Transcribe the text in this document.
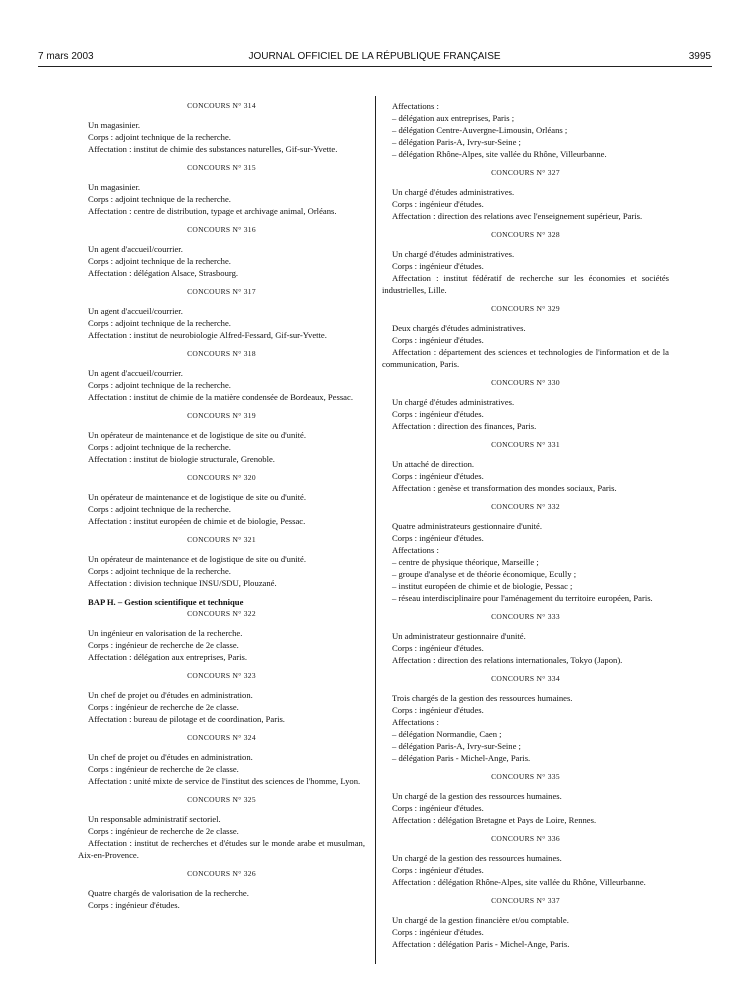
7 mars 2003	JOURNAL OFFICIEL DE LA RÉPUBLIQUE FRANÇAISE	3995
CONCOURS N° 314
Un magasinier.
Corps : adjoint technique de la recherche.
Affectation : institut de chimie des substances naturelles, Gif-sur-Yvette.
CONCOURS N° 315
Un magasinier.
Corps : adjoint technique de la recherche.
Affectation : centre de distribution, typage et archivage animal, Orléans.
CONCOURS N° 316
Un agent d'accueil/courrier.
Corps : adjoint technique de la recherche.
Affectation : délégation Alsace, Strasbourg.
CONCOURS N° 317
Un agent d'accueil/courrier.
Corps : adjoint technique de la recherche.
Affectation : institut de neurobiologie Alfred-Fessard, Gif-sur-Yvette.
CONCOURS N° 318
Un agent d'accueil/courrier.
Corps : adjoint technique de la recherche.
Affectation : institut de chimie de la matière condensée de Bordeaux, Pessac.
CONCOURS N° 319
Un opérateur de maintenance et de logistique de site ou d'unité.
Corps : adjoint technique de la recherche.
Affectation : institut de biologie structurale, Grenoble.
CONCOURS N° 320
Un opérateur de maintenance et de logistique de site ou d'unité.
Corps : adjoint technique de la recherche.
Affectation : institut européen de chimie et de biologie, Pessac.
CONCOURS N° 321
Un opérateur de maintenance et de logistique de site ou d'unité.
Corps : adjoint technique de la recherche.
Affectation : division technique INSU/SDU, Plouzané.
BAP H. – Gestion scientifique et technique
CONCOURS N° 322
Un ingénieur en valorisation de la recherche.
Corps : ingénieur de recherche de 2e classe.
Affectation : délégation aux entreprises, Paris.
CONCOURS N° 323
Un chef de projet ou d'études en administration.
Corps : ingénieur de recherche de 2e classe.
Affectation : bureau de pilotage et de coordination, Paris.
CONCOURS N° 324
Un chef de projet ou d'études en administration.
Corps : ingénieur de recherche de 2e classe.
Affectation : unité mixte de service de l'institut des sciences de l'homme, Lyon.
CONCOURS N° 325
Un responsable administratif sectoriel.
Corps : ingénieur de recherche de 2e classe.
Affectation : institut de recherches et d'études sur le monde arabe et musulman, Aix-en-Provence.
CONCOURS N° 326
Quatre chargés de valorisation de la recherche.
Corps : ingénieur d'études.
Affectations :
– délégation aux entreprises, Paris ;
– délégation Centre-Auvergne-Limousin, Orléans ;
– délégation Paris-A, Ivry-sur-Seine ;
– délégation Rhône-Alpes, site vallée du Rhône, Villeurbanne.
CONCOURS N° 327
Un chargé d'études administratives.
Corps : ingénieur d'études.
Affectation : direction des relations avec l'enseignement supérieur, Paris.
CONCOURS N° 328
Un chargé d'études administratives.
Corps : ingénieur d'études.
Affectation : institut fédératif de recherche sur les économies et sociétés industrielles, Lille.
CONCOURS N° 329
Deux chargés d'études administratives.
Corps : ingénieur d'études.
Affectation : département des sciences et technologies de l'information et de la communication, Paris.
CONCOURS N° 330
Un chargé d'études administratives.
Corps : ingénieur d'études.
Affectation : direction des finances, Paris.
CONCOURS N° 331
Un attaché de direction.
Corps : ingénieur d'études.
Affectation : genèse et transformation des mondes sociaux, Paris.
CONCOURS N° 332
Quatre administrateurs gestionnaire d'unité.
Corps : ingénieur d'études.
Affectations :
– centre de physique théorique, Marseille ;
– groupe d'analyse et de théorie économique, Ecully ;
– institut européen de chimie et de biologie, Pessac ;
– réseau interdisciplinaire pour l'aménagement du territoire européen, Paris.
CONCOURS N° 333
Un administrateur gestionnaire d'unité.
Corps : ingénieur d'études.
Affectation : direction des relations internationales, Tokyo (Japon).
CONCOURS N° 334
Trois chargés de la gestion des ressources humaines.
Corps : ingénieur d'études.
Affectations :
– délégation Normandie, Caen ;
– délégation Paris-A, Ivry-sur-Seine ;
– délégation Paris - Michel-Ange, Paris.
CONCOURS N° 335
Un chargé de la gestion des ressources humaines.
Corps : ingénieur d'études.
Affectation : délégation Bretagne et Pays de Loire, Rennes.
CONCOURS N° 336
Un chargé de la gestion des ressources humaines.
Corps : ingénieur d'études.
Affectation : délégation Rhône-Alpes, site vallée du Rhône, Villeurbanne.
CONCOURS N° 337
Un chargé de la gestion financière et/ou comptable.
Corps : ingénieur d'études.
Affectation : délégation Paris - Michel-Ange, Paris.
